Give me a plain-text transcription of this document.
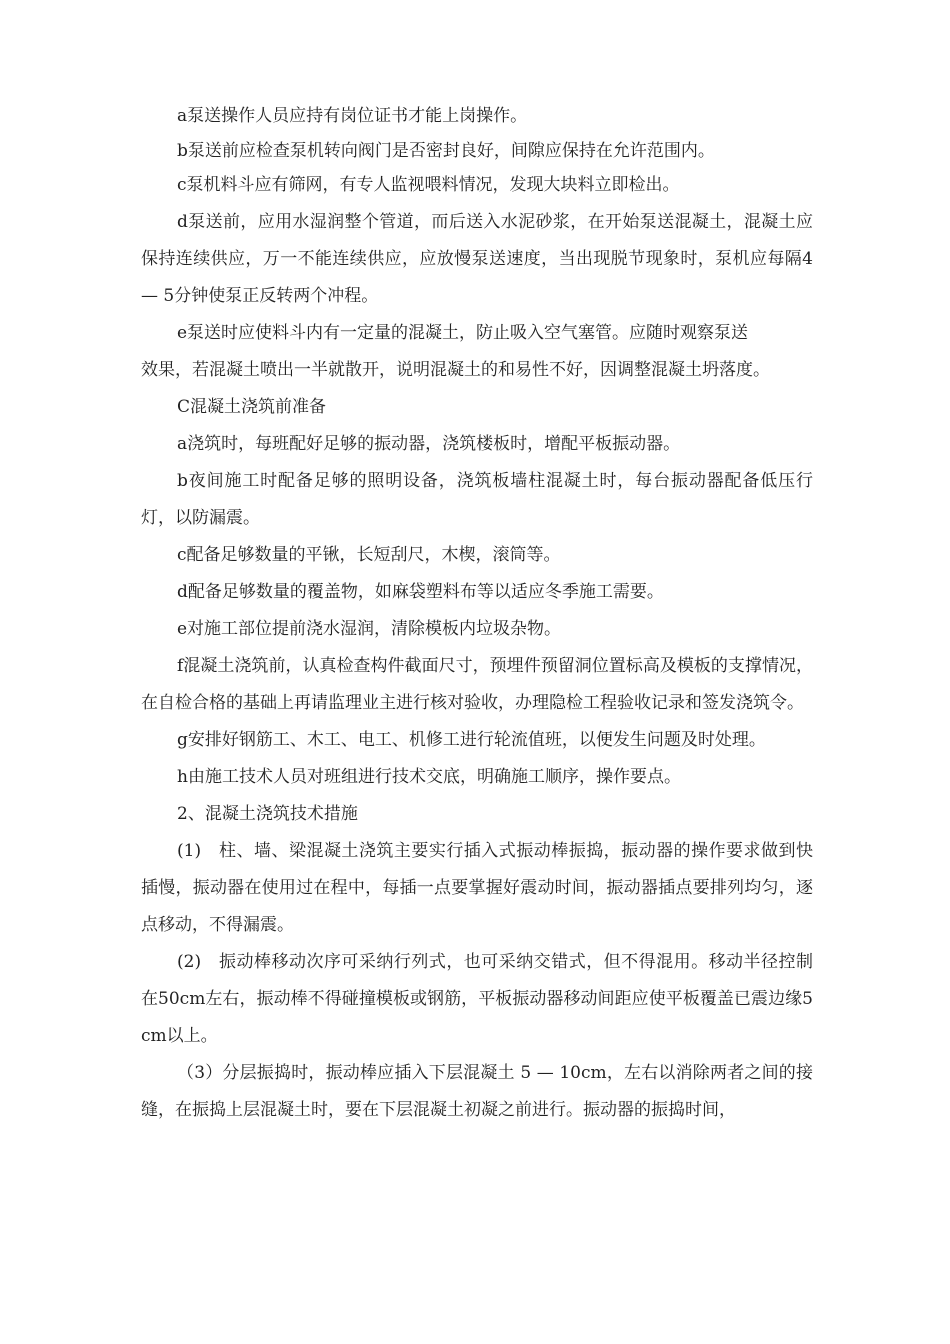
a泵送操作人员应持有岗位证书才能上岗操作。

b泵送前应检查泵机转向阀门是否密封良好，间隙应保持在允许范围内。

c泵机料斗应有筛网，有专人监视喂料情况，发现大块料立即检出。

d泵送前，应用水湿润整个管道，而后送入水泥砂浆，在开始泵送混凝土，混凝土应保持连续供应，万一不能连续供应，应放慢泵送速度，当出现脱节现象时，泵机应每隔4 — 5分钟使泵正反转两个冲程。

e泵送时应使料斗内有一定量的混凝土，防止吸入空气塞管。应随时观察泵送

效果，若混凝土喷出一半就散开，说明混凝土的和易性不好，因调整混凝土坍落度。

C混凝土浇筑前准备

a浇筑时，每班配好足够的振动器，浇筑楼板时，增配平板振动器。

b夜间施工时配备足够的照明设备，浇筑板墙柱混凝土时，每台振动器配备低压行灯，以防漏震。

c配备足够数量的平锹，长短刮尺，木楔，滚筒等。

d配备足够数量的覆盖物，如麻袋塑料布等以适应冬季施工需要。

e对施工部位提前浇水湿润，清除模板内垃圾杂物。

f混凝土浇筑前，认真检查构件截面尺寸，预埋件预留洞位置标高及模板的支撑情况，在自检合格的基础上再请监理业主进行核对验收，办理隐检工程验收记录和签发浇筑令。

g安排好钢筋工、木工、电工、机修工进行轮流值班，以便发生问题及时处理。

h由施工技术人员对班组进行技术交底，明确施工顺序，操作要点。

2、混凝土浇筑技术措施

(1)　柱、墙、梁混凝土浇筑主要实行插入式振动棒振捣，振动器的操作要求做到快插慢，振动器在使用过在程中，每插一点要掌握好震动时间，振动器插点要排列均匀，逐点移动，不得漏震。

(2)　振动棒移动次序可采纳行列式，也可采纳交错式，但不得混用。移动半径控制在50cm左右，振动棒不得碰撞模板或钢筋，平板振动器移动间距应使平板覆盖已震边缘5cm以上。

（3）分层振捣时，振动棒应插入下层混凝土 5 — 10cm，左右以消除两者之间的接缝，在振捣上层混凝土时，要在下层混凝土初凝之前进行。振动器的振捣时间，
